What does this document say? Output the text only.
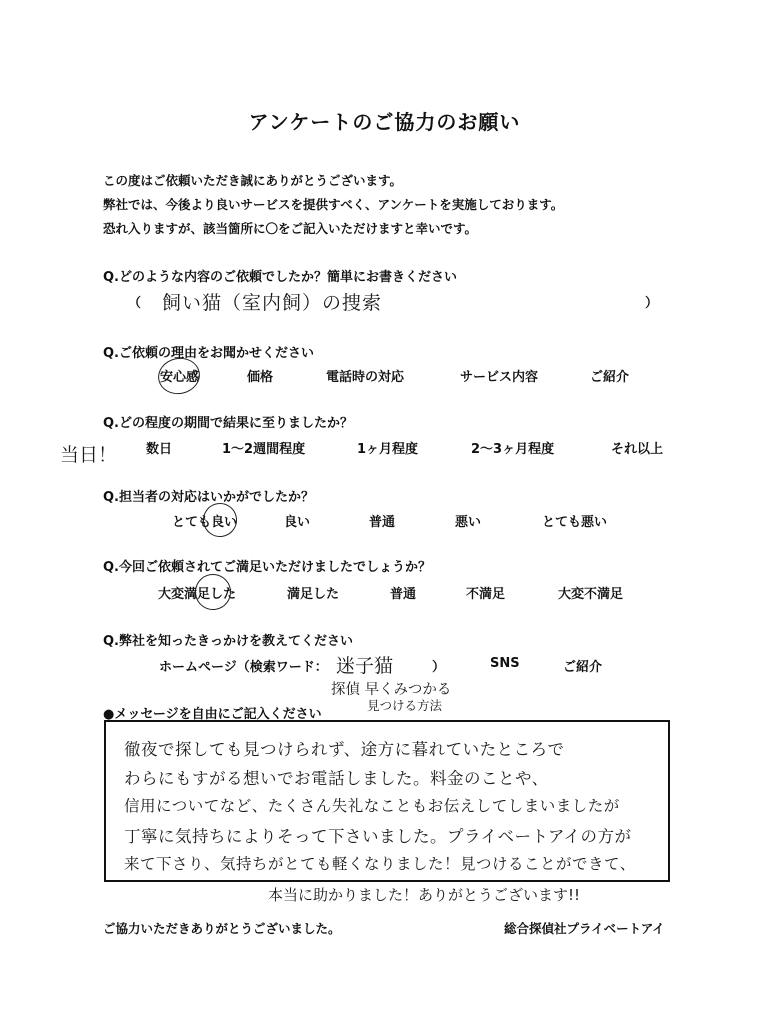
アンケートのご協力のお願い
この度はご依頼いただき誠にありがとうございます。
弊社では、今後より良いサービスを提供すべく、アンケートを実施しております。
恐れ入りますが、該当箇所に〇をご記入いただけますと幸いです。
Q.どのような内容のご依頼でしたか？簡単にお書きください
（ 飼い猫（室内飼）の捜索	）
Q.ご依頼の理由をお聞かせください
安心感	価格	電話時の対応	サービス内容	ご紹介
Q.どの程度の期間で結果に至りましたか？
当日！ 数日	1～2週間程度	1ヶ月程度	2～3ヶ月程度	それ以上
Q.担当者の対応はいかがでしたか？
とても良い	良い	普通	悪い	とても悪い
Q.今回ご依頼されてご満足いただけましたでしょうか？
大変満足した	満足した	普通	不満足	大変不満足
Q.弊社を知ったきっかけを教えてください
ホームページ（検索ワード： 迷子猫	）	SNS	ご紹介
探偵 早くみつかる
見つける方法
●メッセージを自由にご記入ください
徹夜で探しても見つけられず、途方に暮れていたところで
わらにもすがる想いでお電話しました。料金のことや、
信用についてなど、たくさん失礼なこともお伝えしてしまいましたが
丁寧に気持ちによりそって下さいました。プライベートアイの方が
来て下さり、気持ちがとても軽くなりました！見つけることができて、
本当に助かりました！ありがとうございます!!
ご協力いただきありがとうございました。	総合探偵社プライベートアイ
